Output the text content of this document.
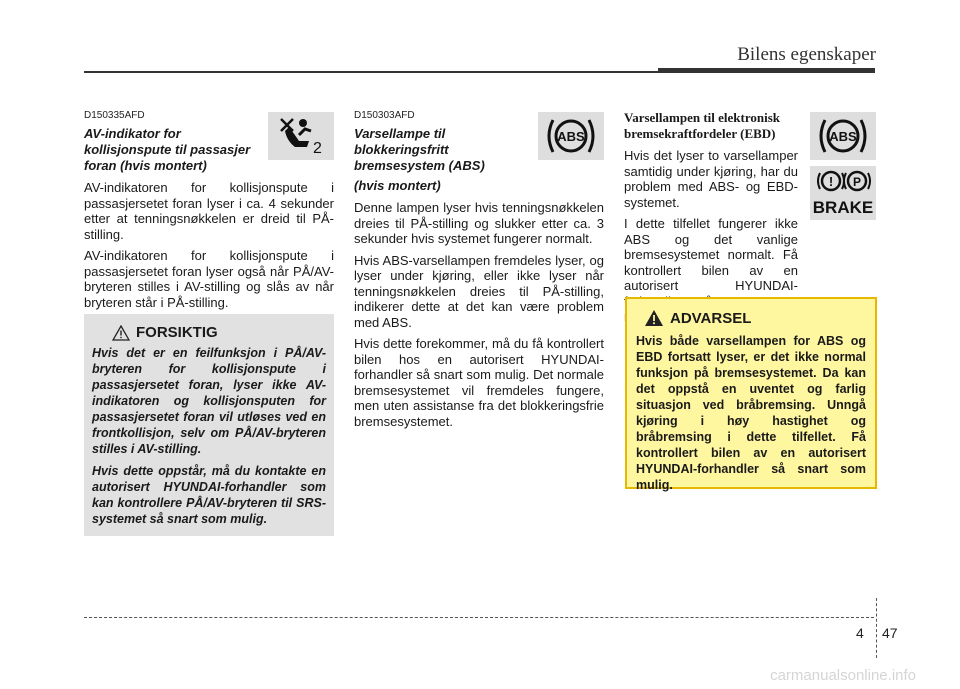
Bilens egenskaper
D150335AFD
AV-indikator for
kollisjonspute til passasjer
foran (hvis montert)

AV-indikatoren for kollisjonspute i passasjersetet foran lyser i ca. 4 sekunder etter at tenningsnøkkelen er dreid til PÅ-stilling.

AV-indikatoren for kollisjonspute i passasjersetet foran lyser også når PÅ/AV-bryteren stilles i AV-stilling og slås av når bryteren står i PÅ-stilling.

2
FORSIKTIG

Hvis det er en feilfunksjon i PÅ/AV-bryteren for kollisjonspute i passasjersetet foran, lyser ikke AV-indikatoren og kollisjonsputen for passasjersetet foran vil utløses ved en frontkollisjon, selv om PÅ/AV-bryteren stilles i AV-stilling.

Hvis dette oppstår, må du kontakte en autorisert HYUNDAI-forhandler som kan kontrollere PÅ/AV-bryteren til SRS-systemet så snart som mulig.

D150303AFD
Varsellampe til
blokkeringsfritt
bremsesystem (ABS)
(hvis montert)

Denne lampen lyser hvis tenningsnøkkelen dreies til PÅ-stilling og slukker etter ca. 3 sekunder hvis systemet fungerer normalt.

Hvis ABS-varsellampen fremdeles lyser, og lyser under kjøring, eller ikke lyser når tenningsnøkkelen dreies til PÅ-stilling, indikerer dette at det kan være problem med ABS.

Hvis dette forekommer, må du få kontrollert bilen hos en autorisert HYUNDAI-forhandler så snart som mulig. Det normale bremsesystemet vil fremdeles fungere, men uten assistanse fra det blokkeringsfrie bremsesystemet.

ABS
Varsellampen til elektronisk
bremsekraftfordeler (EBD)

Hvis det lyser to varsellamper samtidig under kjøring, har du problem med ABS- og EBD-systemet.

I dette tilfellet fungerer ikke ABS og det vanlige bremsesystemet normalt. Få kontrollert bilen av en autorisert HYUNDAI-

ABS
! P
BRAKE
ADVARSEL

Hvis både varsellampen for ABS og EBD fortsatt lyser, er det ikke normal funksjon på bremsesystemet. Da kan det oppstå en uventet og farlig situasjon ved bråbremsing. Unngå kjøring i høy hastighet og bråbremsing i dette tilfellet. Få kontrollert bilen av en autorisert HYUNDAI-forhandler så snart som mulig.

4 47
carmanualsonline.info
